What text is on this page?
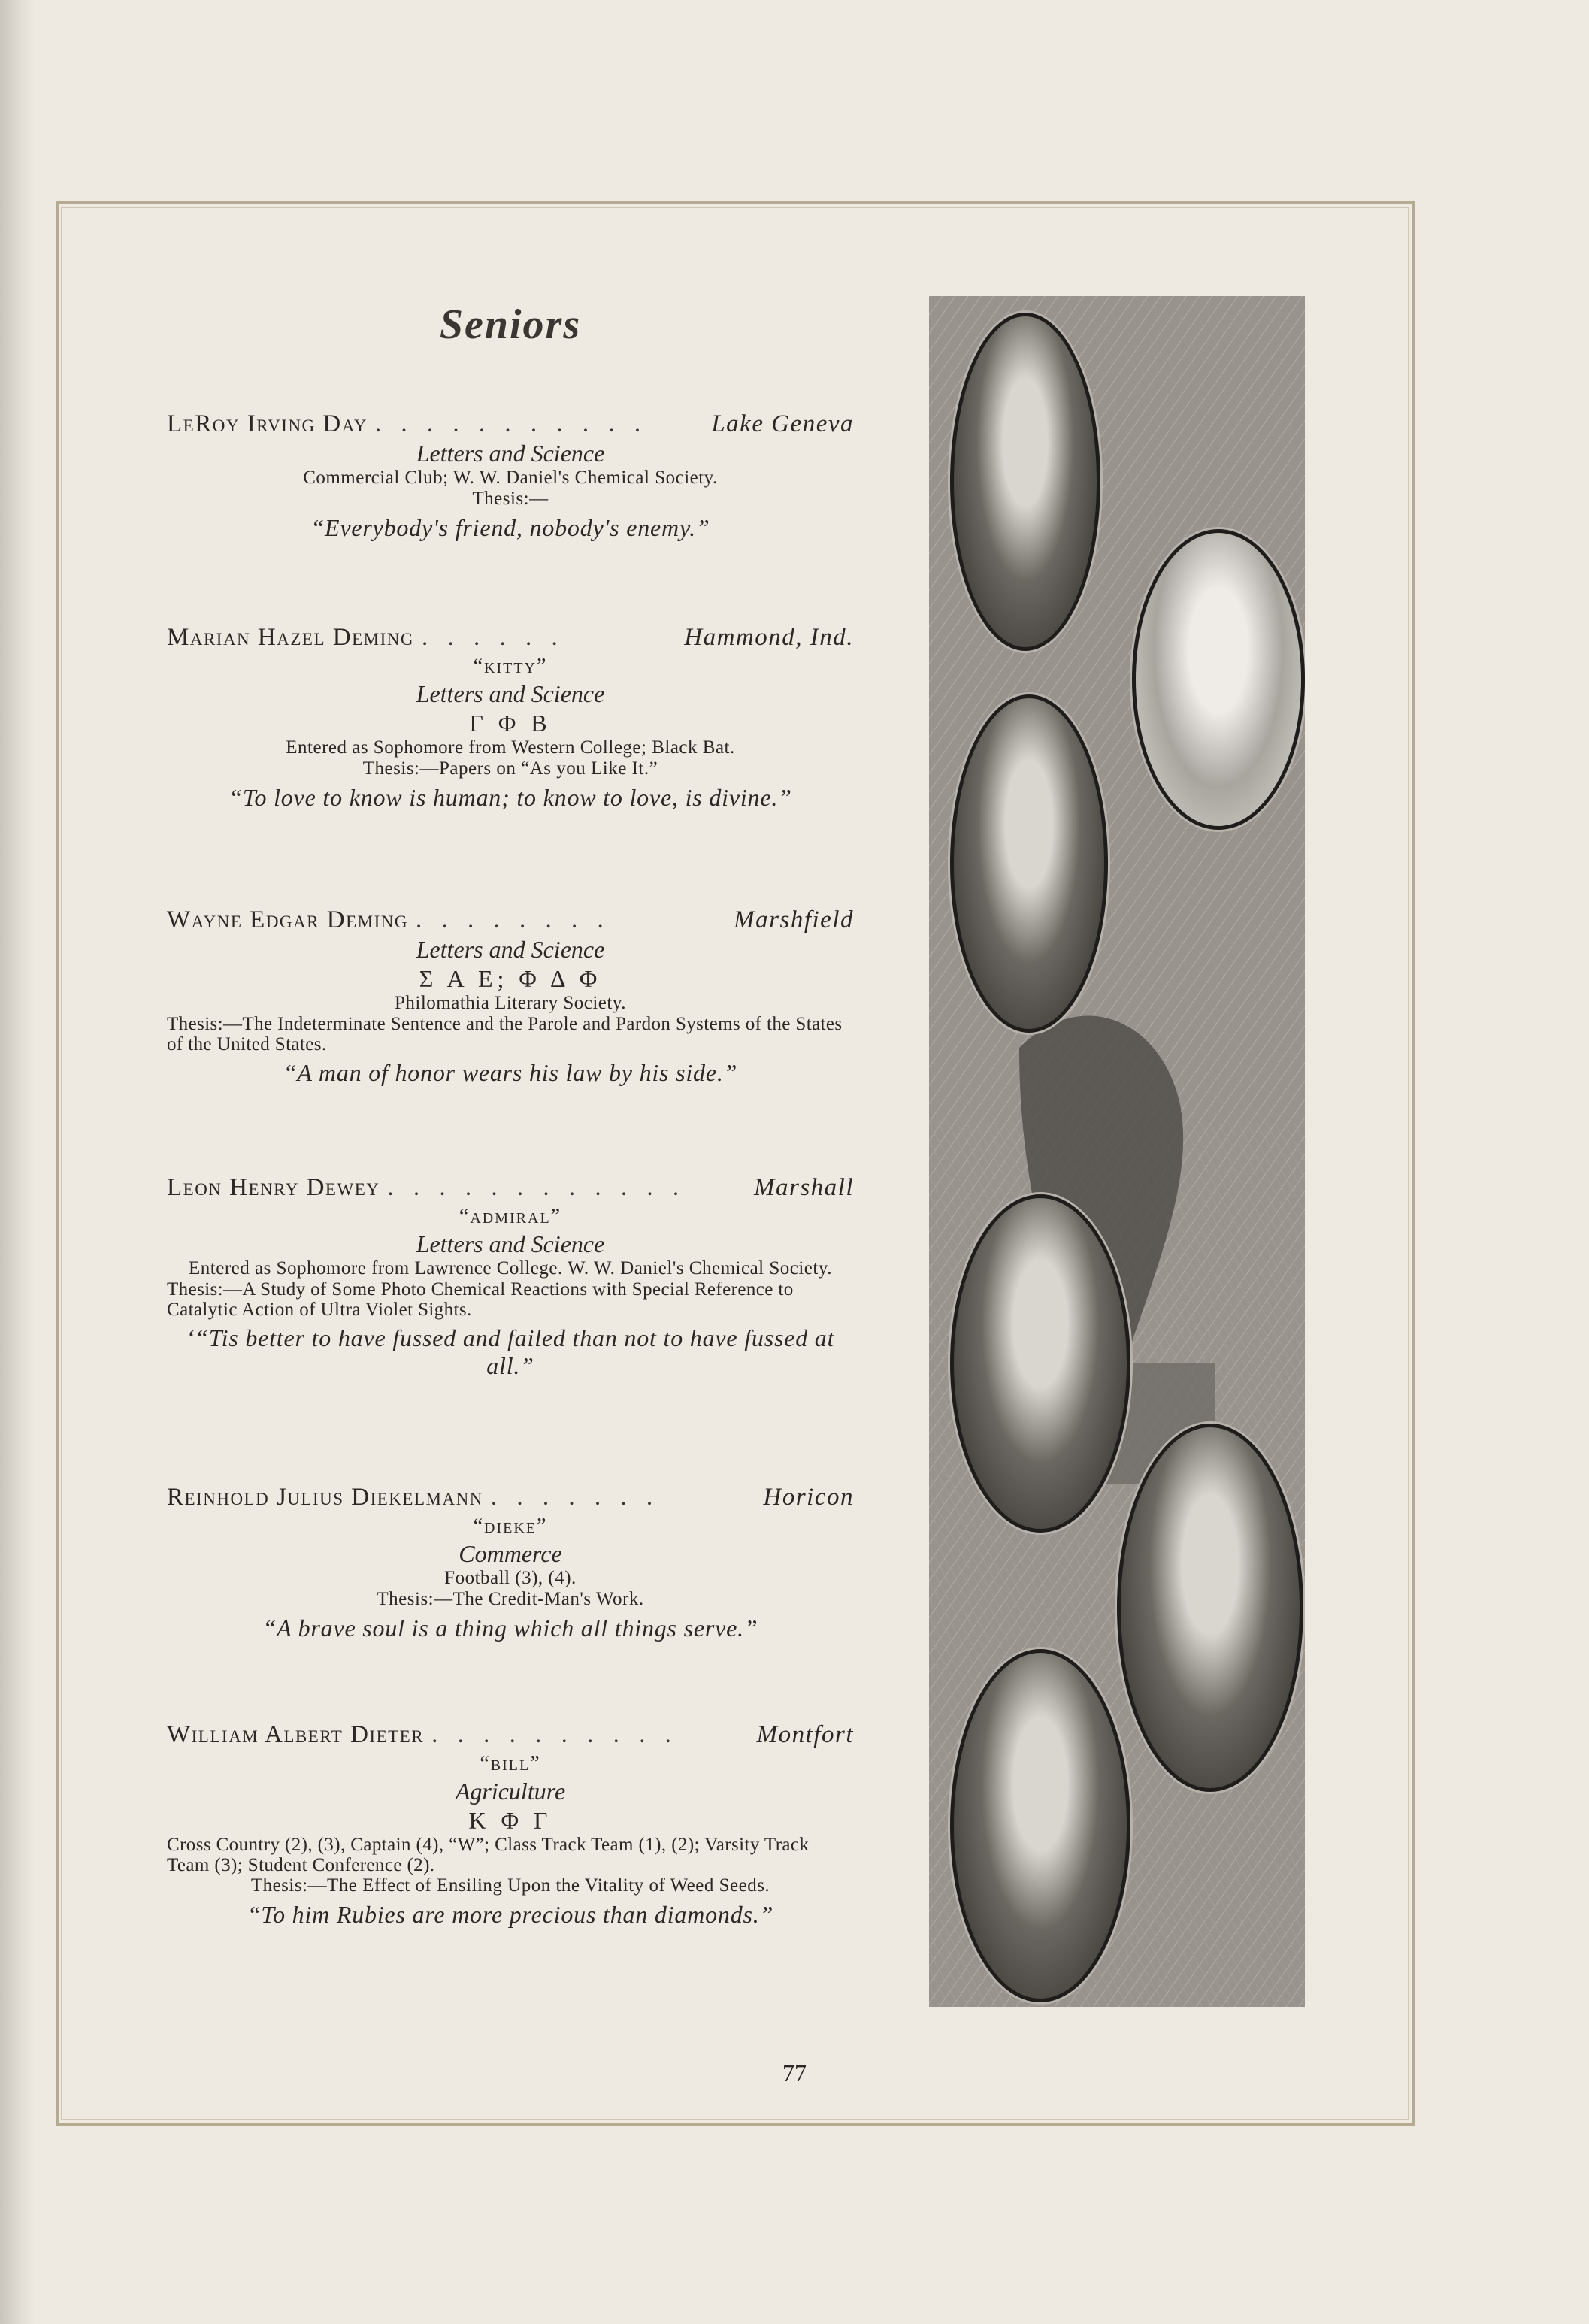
Seniors
LeRoy Irving Day . . . . . . . . . . .	Lake Geneva
Letters and Science
Commercial Club; W. W. Daniel's Chemical Society.
Thesis:—
“Everybody's friend, nobody's enemy.”
Marian Hazel Deming . . . . . .	Hammond, Ind.
“kitty”
Letters and Science
Γ Φ Β
Entered as Sophomore from Western College; Black Bat.
Thesis:—Papers on “As you Like It.”
“To love to know is human; to know to love, is divine.”
Wayne Edgar Deming . . . . . . . .	Marshfield
Letters and Science
Σ Α Ε; Φ Δ Φ
Philomathia Literary Society.
Thesis:—The Indeterminate Sentence and the Parole and Pardon Systems of the States of the United States.
“A man of honor wears his law by his side.”
Leon Henry Dewey . . . . . . . . . . . .	Marshall
“admiral”
Letters and Science
Entered as Sophomore from Lawrence College. W. W. Daniel's Chemical Society.
Thesis:—A Study of Some Photo Chemical Reactions with Special Reference to Catalytic Action of Ultra Violet Sights.
‘“Tis better to have fussed and failed than not to have fussed at all.”
Reinhold Julius Diekelmann . . . . . . .	Horicon
“dieke”
Commerce
Football (3), (4).
Thesis:—The Credit-Man's Work.
“A brave soul is a thing which all things serve.”
William Albert Dieter . . . . . . . . . .	Montfort
“bill”
Agriculture
Κ Φ Γ
Cross Country (2), (3), Captain (4), “W”; Class Track Team (1), (2); Varsity Track Team (3); Student Conference (2).
Thesis:—The Effect of Ensiling Upon the Vitality of Weed Seeds.
“To him Rubies are more precious than diamonds.”
77
